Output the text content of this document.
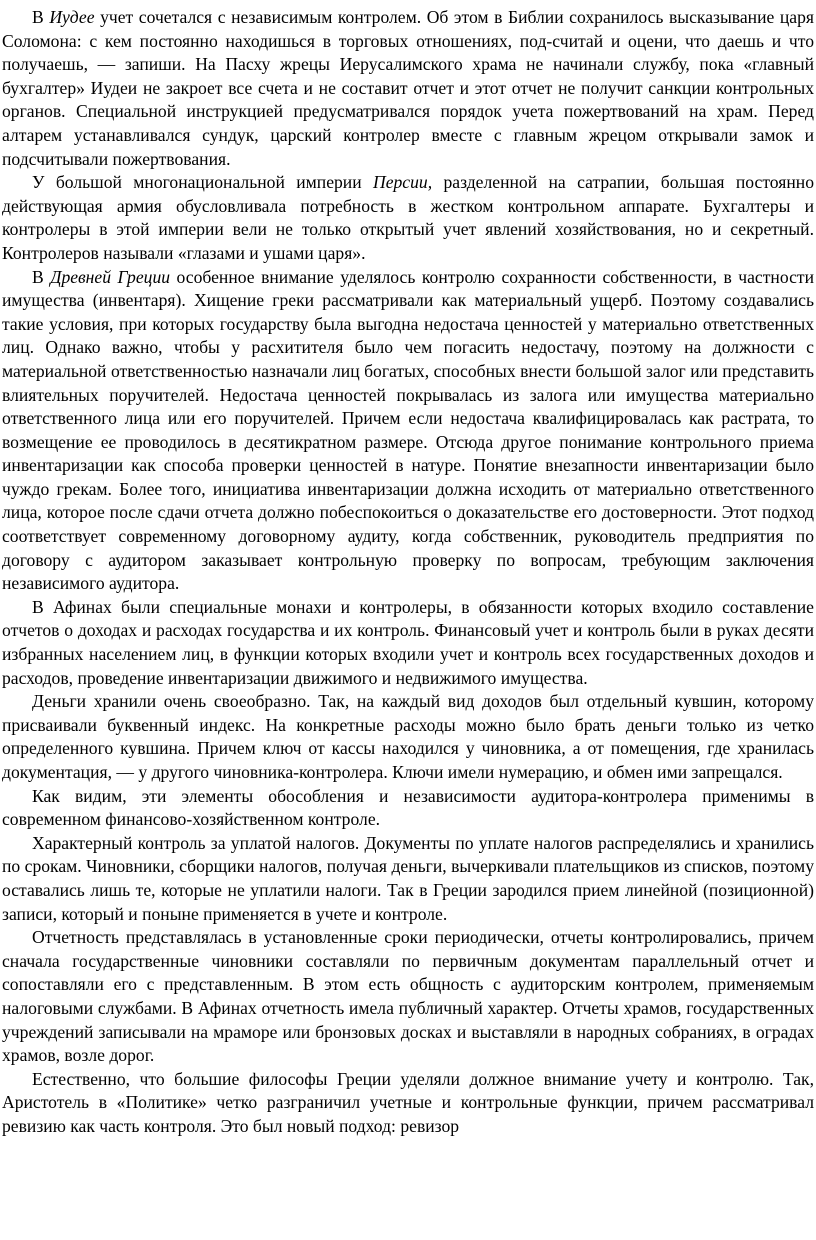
В Иудее учет сочетался с независимым контролем. Об этом в Библии сохранилось высказывание царя Соломона: с кем постоянно находишься в торговых отношениях, под-считай и оцени, что даешь и что получаешь, — запиши. На Пасху жрецы Иерусалимского храма не начинали службу, пока «главный бухгалтер» Иудеи не закроет все счета и не составит отчет и этот отчет не получит санкции контрольных органов. Специальной инструкцией предусматривался порядок учета пожертвований на храм. Перед алтарем устанавливался сундук, царский контролер вместе с главным жрецом открывали замок и подсчитывали пожертвования.

У большой многонациональной империи Персии, разделенной на сатрапии, большая постоянно действующая армия обусловливала потребность в жестком контрольном аппарате. Бухгалтеры и контролеры в этой империи вели не только открытый учет явлений хозяйствования, но и секретный. Контролеров называли «глазами и ушами царя».

В Древней Греции особенное внимание уделялось контролю сохранности собственности, в частности имущества (инвентаря). Хищение греки рассматривали как материальный ущерб. Поэтому создавались такие условия, при которых государству была выгодна недостача ценностей у материально ответственных лиц. Однако важно, чтобы у расхитителя было чем погасить недостачу, поэтому на должности с материальной ответственностью назначали лиц богатых, способных внести большой залог или представить влиятельных поручителей. Недостача ценностей покрывалась из залога или имущества материально ответственного лица или его поручителей. Причем если недостача квалифицировалась как растрата, то возмещение ее проводилось в десятикратном размере. Отсюда другое понимание контрольного приема инвентаризации как способа проверки ценностей в натуре. Понятие внезапности инвентаризации было чуждо грекам. Более того, инициатива инвентаризации должна исходить от материально ответственного лица, которое после сдачи отчета должно побеспокоиться о доказательстве его достоверности. Этот подход соответствует современному договорному аудиту, когда собственник, руководитель предприятия по договору с аудитором заказывает контрольную проверку по вопросам, требующим заключения независимого аудитора.

В Афинах были специальные монахи и контролеры, в обязанности которых входило составление отчетов о доходах и расходах государства и их контроль. Финансовый учет и контроль были в руках десяти избранных населением лиц, в функции которых входили учет и контроль всех государственных доходов и расходов, проведение инвентаризации движимого и недвижимого имущества.

Деньги хранили очень своеобразно. Так, на каждый вид доходов был отдельный кувшин, которому присваивали буквенный индекс. На конкретные расходы можно было брать деньги только из четко определенного кувшина. Причем ключ от кассы находился у чиновника, а от помещения, где хранилась документация, — у другого чиновника-контролера. Ключи имели нумерацию, и обмен ими запрещался.

Как видим, эти элементы обособления и независимости аудитора-контролера применимы в современном финансово-хозяйственном контроле.

Характерный контроль за уплатой налогов. Документы по уплате налогов распределялись и хранились по срокам. Чиновники, сборщики налогов, получая деньги, вычеркивали плательщиков из списков, поэтому оставались лишь те, которые не уплатили налоги. Так в Греции зародился прием линейной (позиционной) записи, который и поныне применяется в учете и контроле.

Отчетность представлялась в установленные сроки периодически, отчеты контролировались, причем сначала государственные чиновники составляли по первичным документам параллельный отчет и сопоставляли его с представленным. В этом есть общность с аудиторским контролем, применяемым налоговыми службами. В Афинах отчетность имела публичный характер. Отчеты храмов, государственных учреждений записывали на мраморе или бронзовых досках и выставляли в народных собраниях, в оградах храмов, возле дорог.

Естественно, что большие философы Греции уделяли должное внимание учету и контролю. Так, Аристотель в «Политике» четко разграничил учетные и контрольные функции, причем рассматривал ревизию как часть контроля. Это был новый подход: ревизор
